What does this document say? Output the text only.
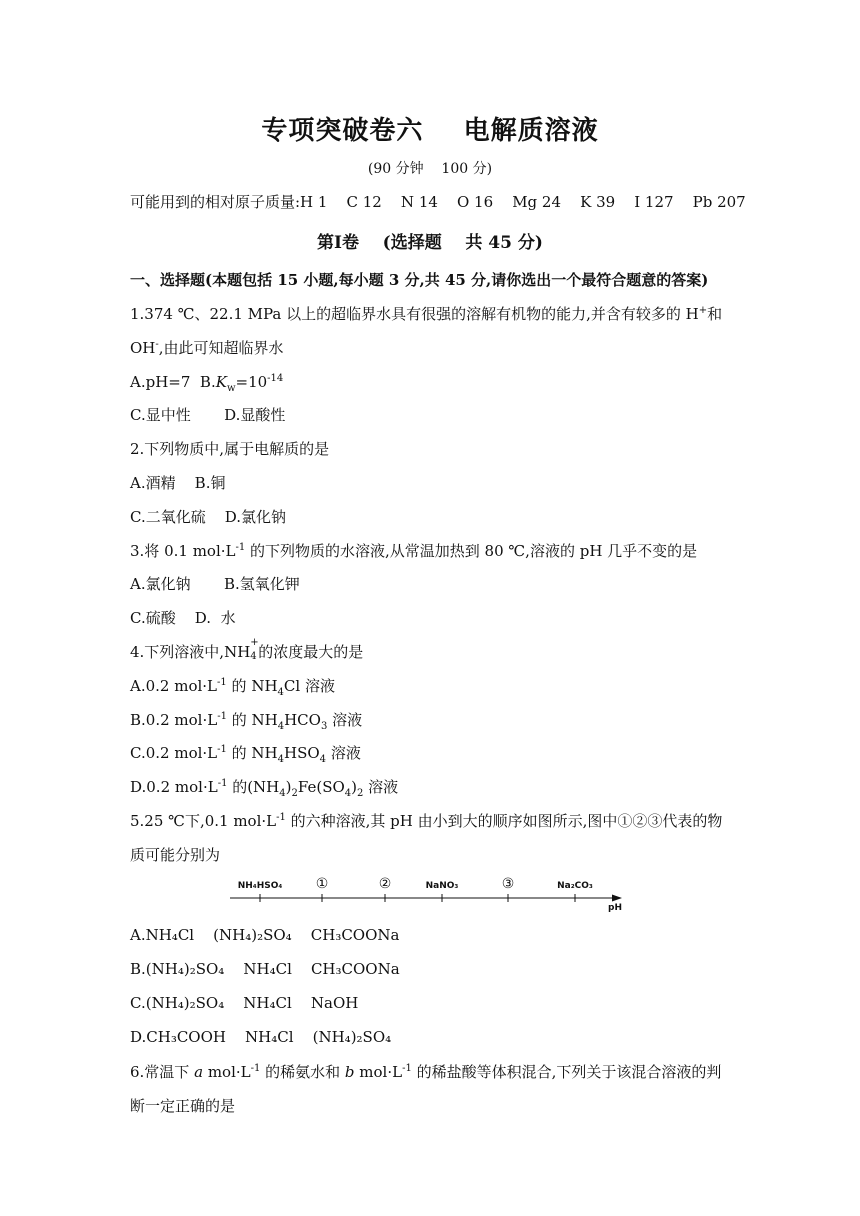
专项突破卷六    电解质溶液
(90 分钟    100 分)
可能用到的相对原子质量:H 1    C 12    N 14    O 16    Mg 24    K 39    I 127    Pb 207
第Ⅰ卷    (选择题    共 45 分)
一、选择题(本题包括 15 小题,每小题 3 分,共 45 分,请你选出一个最符合题意的答案)
1.374 ℃、22.1 MPa 以上的超临界水具有很强的溶解有机物的能力,并含有较多的 H+和
OH-,由此可知超临界水
A.pH=7  $B.K_w=10^{-14}$
C.显中性       D.显酸性
2.下列物质中,属于电解质的是
A.酒精    B.铜
C.二氧化硫    D.氯化钠
3.将 0.1 $mol\cdot L^{-1}$ 的下列物质的水溶液,从常温加热到 80 ℃,溶液的 pH 几乎不变的是
A.氯化钠       B.氢氧化钾
C.硫酸    D.  水
4.下列溶液中,NH
+
4 的浓度最大的是
A.0.2 $mol\cdot L^{-1}$ 的 $NH_4Cl$ 溶液
B.0.2 $mol\cdot L^{-1}$ 的 $NH_4HCO_3$ 溶液
C.0.2 $mol\cdot L^{-1}$ 的 $NH_4HSO_4$ 溶液
D.0.2 $mol\cdot L^{-1}$ 的$(NH_4)_2Fe(SO_4)_2$ 溶液
5.25 ℃下,0.1 $mol\cdot L^{-1}$ 的六种溶液,其 pH 由小到大的顺序如图所示,图中①②③代表的物
质可能分别为
NH₄HSO₄ ①	②	NaNO₃	③	Na₂CO₃
pH
A.NH₄Cl    (NH₄)₂SO₄    CH₃COONa
B.(NH₄)₂SO₄    NH₄Cl    CH₃COONa
C.(NH₄)₂SO₄    NH₄Cl    NaOH
D.CH₃COOH    NH₄Cl    (NH₄)₂SO₄
6.常温下 a $mol\cdot L^{-1}$ 的稀氨水和 b $mol\cdot L^{-1}$ 的稀盐酸等体积混合,下列关于该混合溶液的判
断一定正确的是
